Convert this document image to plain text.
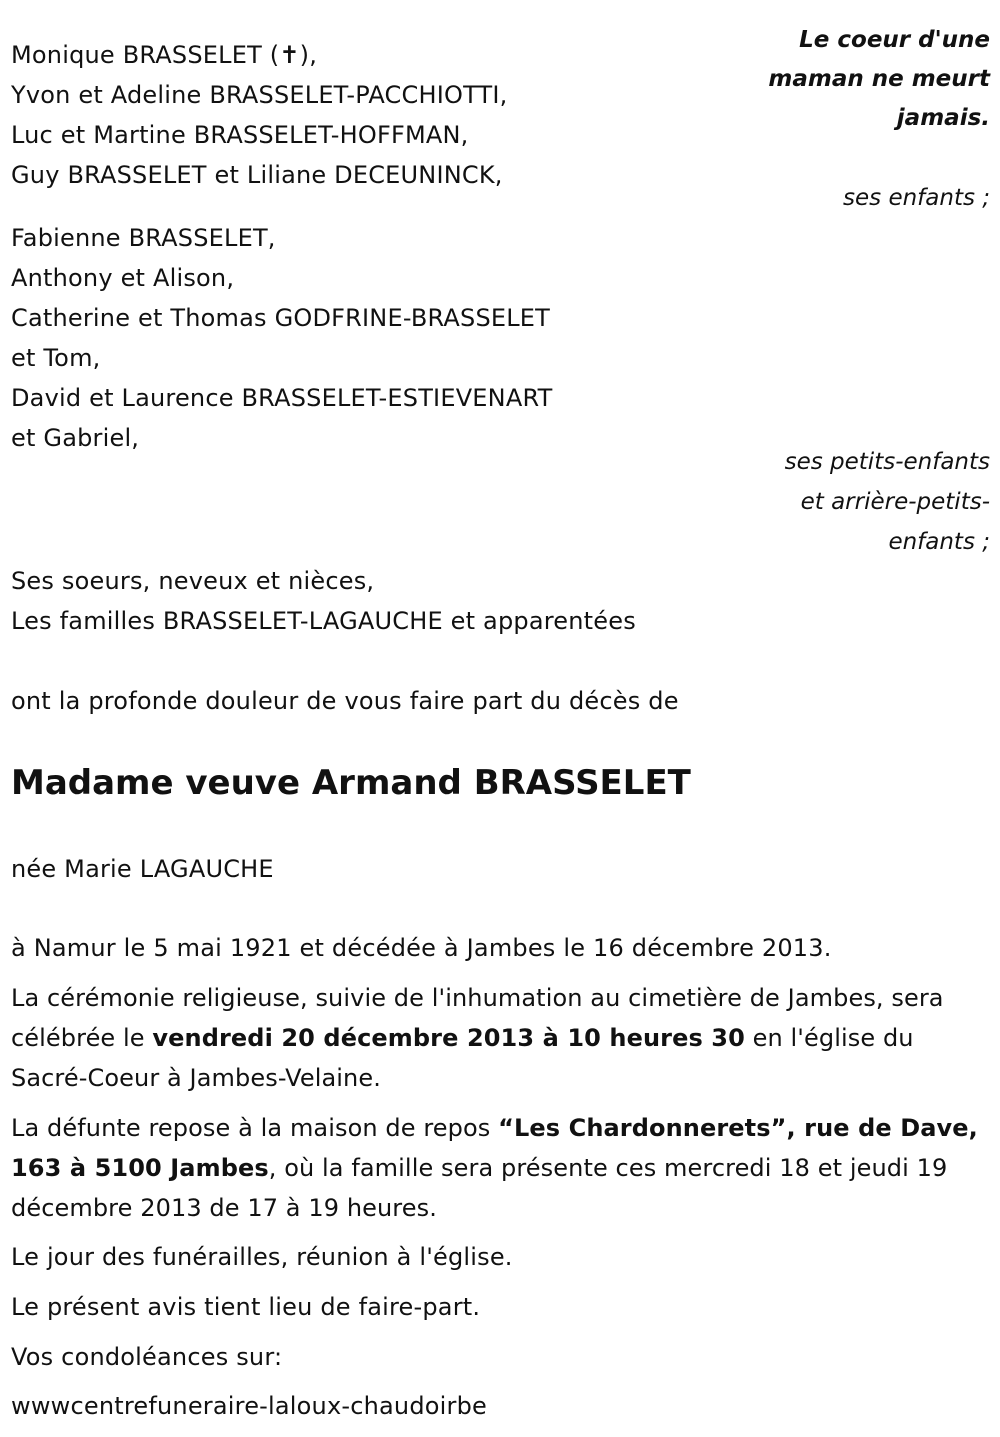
Le coeur d'une
maman ne meurt
jamais.
Monique BRASSELET (✝),
Yvon et Adeline BRASSELET-PACCHIOTTI,
Luc et Martine BRASSELET-HOFFMAN,
Guy BRASSELET et Liliane DECEUNINCK,
ses enfants ;
Fabienne BRASSELET,
Anthony et Alison,
Catherine et Thomas GODFRINE-BRASSELET
et Tom,
David et Laurence BRASSELET-ESTIEVENART
et Gabriel,
ses petits-enfants
et arrière-petits-
enfants ;
Ses soeurs, neveux et nièces,
Les familles BRASSELET-LAGAUCHE et apparentées
ont la profonde douleur de vous faire part du décès de
Madame veuve Armand BRASSELET
née Marie LAGAUCHE
à Namur le 5 mai 1921 et décédée à Jambes le 16 décembre 2013.
La cérémonie religieuse, suivie de l'inhumation au cimetière de Jambes, sera célébrée le vendredi 20 décembre 2013 à 10 heures 30 en l'église du Sacré-Coeur à Jambes-Velaine.
La défunte repose à la maison de repos “Les Chardonnerets”, rue de Dave, 163 à 5100 Jambes, où la famille sera présente ces mercredi 18 et jeudi 19 décembre 2013 de 17 à 19 heures.
Le jour des funérailles, réunion à l'église.
Le présent avis tient lieu de faire-part.
Vos condoléances sur:
wwwcentrefuneraire-laloux-chaudoirbe
